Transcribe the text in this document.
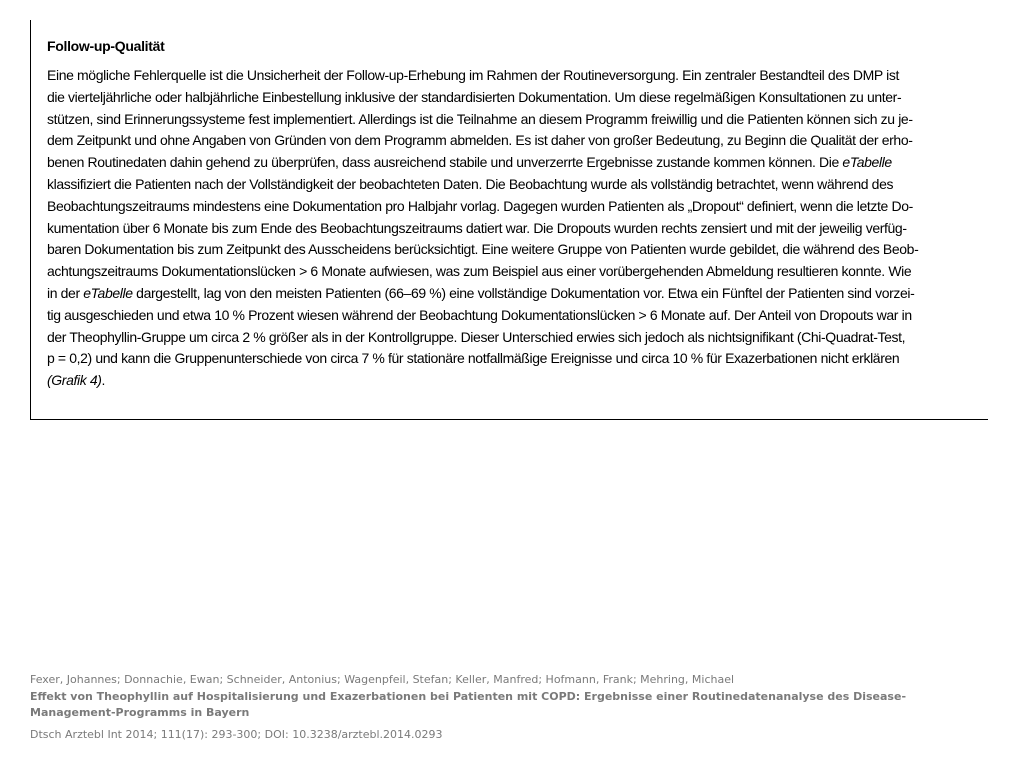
Follow-up-Qualität
Eine mögliche Fehlerquelle ist die Unsicherheit der Follow-up-Erhebung im Rahmen der Routineversorgung. Ein zentraler Bestandteil des DMP ist
die vierteljährliche oder halbjährliche Einbestellung inklusive der standardisierten Dokumentation. Um diese regelmäßigen Konsultationen zu unter-
stützen, sind Erinnerungssysteme fest implementiert. Allerdings ist die Teilnahme an diesem Programm freiwillig und die Patienten können sich zu je-
dem Zeitpunkt und ohne Angaben von Gründen von dem Programm abmelden. Es ist daher von großer Bedeutung, zu Beginn die Qualität der erho-
benen Routinedaten dahin gehend zu überprüfen, dass ausreichend stabile und unverzerrte Ergebnisse zustande kommen können. Die eTabelle
klassifiziert die Patienten nach der Vollständigkeit der beobachteten Daten. Die Beobachtung wurde als vollständig betrachtet, wenn während des
Beobachtungszeitraums mindestens eine Dokumentation pro Halbjahr vorlag. Dagegen wurden Patienten als „Dropout“ definiert, wenn die letzte Do-
kumentation über 6 Monate bis zum Ende des Beobachtungszeitraums datiert war. Die Dropouts wurden rechts zensiert und mit der jeweilig verfüg-
baren Dokumentation bis zum Zeitpunkt des Ausscheidens berücksichtigt. Eine weitere Gruppe von Patienten wurde gebildet, die während des Beob-
achtungszeitraums Dokumentationslücken > 6 Monate aufwiesen, was zum Beispiel aus einer vorübergehenden Abmeldung resultieren konnte. Wie
in der eTabelle dargestellt, lag von den meisten Patienten (66–69 %) eine vollständige Dokumentation vor. Etwa ein Fünftel der Patienten sind vorzei-
tig ausgeschieden und etwa 10 % Prozent wiesen während der Beobachtung Dokumentationslücken > 6 Monate auf. Der Anteil von Dropouts war in
der Theophyllin-Gruppe um circa 2 % größer als in der Kontrollgruppe. Dieser Unterschied erwies sich jedoch als nichtsignifikant (Chi-Quadrat-Test,
p = 0,2) und kann die Gruppenunterschiede von circa 7 % für stationäre notfallmäßige Ereignisse und circa 10 % für Exazerbationen nicht erklären
(Grafik 4).
Fexer, Johannes; Donnachie, Ewan; Schneider, Antonius; Wagenpfeil, Stefan; Keller, Manfred; Hofmann, Frank; Mehring, Michael
Effekt von Theophyllin auf Hospitalisierung und Exazerbationen bei Patienten mit COPD: Ergebnisse einer Routinedatenanalyse des Disease-Management-Programms in Bayern
Dtsch Arztebl Int 2014; 111(17): 293-300; DOI: 10.3238/arztebl.2014.0293
